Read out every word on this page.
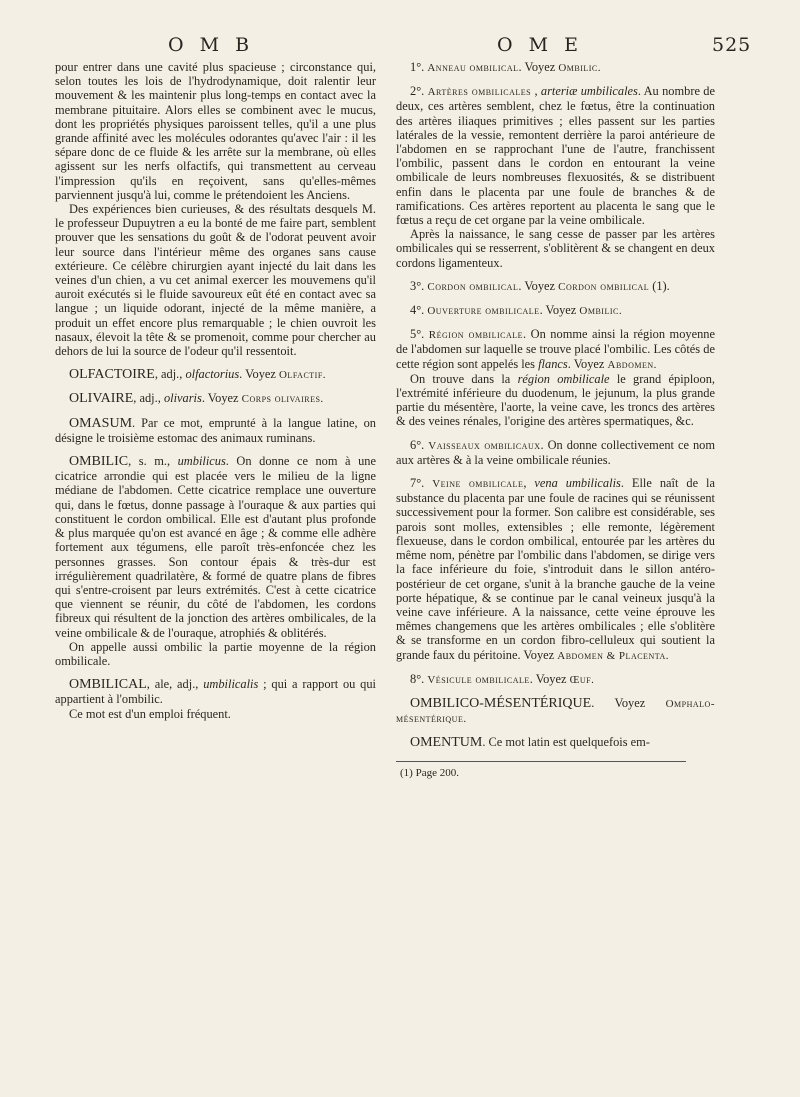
O M B	O M E	525

pour entrer dans une cavité plus spacieuse ; circonstance qui, selon toutes les lois de l'hydrodynamique, doit ralentir leur mouvement & les maintenir plus long-temps en contact avec la membrane pituitaire. Alors elles se combinent avec le mucus, dont les propriétés physiques paroissent telles, qu'il a une plus grande affinité avec les molécules odorantes qu'avec l'air : il les sépare donc de ce fluide & les arrête sur la membrane, où elles agissent sur les nerfs olfactifs, qui transmettent au cerveau l'impression qu'ils en reçoivent, sans qu'elles-mêmes parviennent jusqu'à lui, comme le prétendoient les Anciens.

Des expériences bien curieuses, & des résultats desquels M. le professeur Dupuytren a eu la bonté de me faire part, semblent prouver que les sensations du goût & de l'odorat peuvent avoir leur source dans l'intérieur même des organes sans cause extérieure. Ce célèbre chirurgien ayant injecté du lait dans les veines d'un chien, a vu cet animal exercer les mouvemens qu'il auroit exécutés si le fluide savoureux eût été en contact avec sa langue ; un liquide odorant, injecté de la même manière, a produit un effet encore plus remarquable ; le chien ouvroit les nasaux, élevoit la tête & se promenoit, comme pour chercher au dehors de lui la source de l'odeur qu'il ressentoit.

OLFACTOIRE, adj., olfactorius. Voyez Olfactif.

OLIVAIRE, adj., olivaris. Voyez Corps olivaires.

OMASUM. Par ce mot, emprunté à la langue latine, on désigne le troisième estomac des animaux ruminans.

OMBILIC, s. m., umbilicus. On donne ce nom à une cicatrice arrondie qui est placée vers le milieu de la ligne médiane de l'abdomen. Cette cicatrice remplace une ouverture qui, dans le fœtus, donne passage à l'ouraque & aux parties qui constituent le cordon ombilical. Elle est d'autant plus profonde & plus marquée qu'on est avancé en âge ; & comme elle adhère fortement aux tégumens, elle paroît très-enfoncée chez les personnes grasses. Son contour épais & très-dur est irrégulièrement quadrilatère, & formé de quatre plans de fibres qui s'entre-croisent par leurs extrémités. C'est à cette cicatrice que viennent se réunir, du côté de l'abdomen, les cordons fibreux qui résultent de la jonction des artères ombilicales, de la veine ombilicale & de l'ouraque, atrophiés & oblitérés.

On appelle aussi ombilic la partie moyenne de la région ombilicale.

OMBILICAL, ale, adj., umbilicalis ; qui a rapport ou qui appartient à l'ombilic.

Ce mot est d'un emploi fréquent.

1°. Anneau ombilical. Voyez Ombilic.

2°. Artères ombilicales , arteriæ umbilicales. Au nombre de deux, ces artères semblent, chez le fœtus, être la continuation des artères iliaques primitives ; elles passent sur les parties latérales de la vessie, remontent derrière la paroi antérieure de l'abdomen en se rapprochant l'une de l'autre, franchissent l'ombilic, passent dans le cordon en entourant la veine ombilicale de leurs nombreuses flexuosités, & se distribuent enfin dans le placenta par une foule de branches & de ramifications. Ces artères reportent au placenta le sang que le fœtus a reçu de cet organe par la veine ombilicale.

Après la naissance, le sang cesse de passer par les artères ombilicales qui se resserrent, s'oblitèrent & se changent en deux cordons ligamenteux.

3°. Cordon ombilical. Voyez Cordon ombilical (1).

4°. Ouverture ombilicale. Voyez Ombilic.

5°. Région ombilicale. On nomme ainsi la région moyenne de l'abdomen sur laquelle se trouve placé l'ombilic. Les côtés de cette région sont appelés les flancs. Voyez Abdomen.

On trouve dans la région ombilicale le grand épiploon, l'extrémité inférieure du duodenum, le jejunum, la plus grande partie du mésentère, l'aorte, la veine cave, les troncs des artères & des veines rénales, l'origine des artères spermatiques, &c.

6°. Vaisseaux ombilicaux. On donne collectivement ce nom aux artères & à la veine ombilicale réunies.

7°. Veine ombilicale, vena umbilicalis. Elle naît de la substance du placenta par une foule de racines qui se réunissent successivement pour la former. Son calibre est considérable, ses parois sont molles, extensibles ; elle remonte, légèrement flexueuse, dans le cordon ombilical, entourée par les artères du même nom, pénètre par l'ombilic dans l'abdomen, se dirige vers la face inférieure du foie, s'introduit dans le sillon antéro-postérieur de cet organe, s'unit à la branche gauche de la veine porte hépatique, & se continue par le canal veineux jusqu'à la veine cave inférieure. A la naissance, cette veine éprouve les mêmes changemens que les artères ombilicales ; elle s'oblitère & se transforme en un cordon fibro-celluleux qui soutient la grande faux du péritoine. Voyez Abdomen & Placenta.

8°. Vésicule ombilicale. Voyez Œuf.

OMBILICO-MÉSENTÉRIQUE. Voyez Omphalo-mésentérique.

OMENTUM. Ce mot latin est quelquefois em-

(1) Page 200.
